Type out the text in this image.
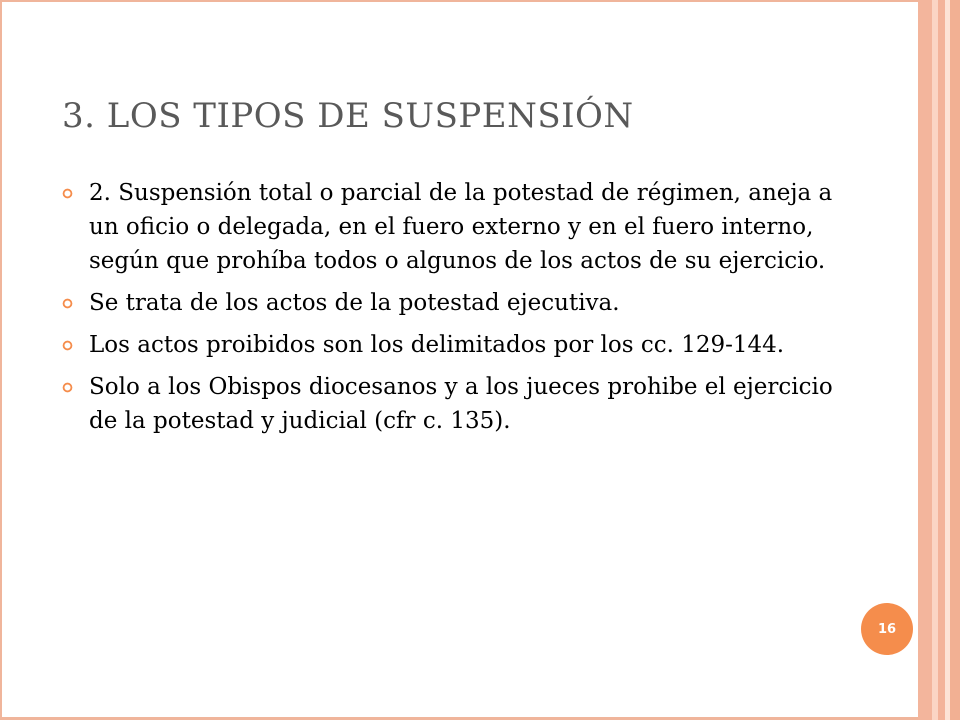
3. LOS TIPOS DE SUSPENSIÓN
2. Suspensión total o parcial de la potestad de régimen, aneja a un oficio o delegada, en el fuero externo y en el fuero interno, según que prohíba todos o algunos de los actos de su ejercicio.
Se trata de los actos de la potestad ejecutiva.
Los actos proibidos son los delimitados por los cc. 129-144.
Solo a los Obispos diocesanos y a los jueces prohibe el ejercicio de la potestad y judicial (cfr c. 135).
16
